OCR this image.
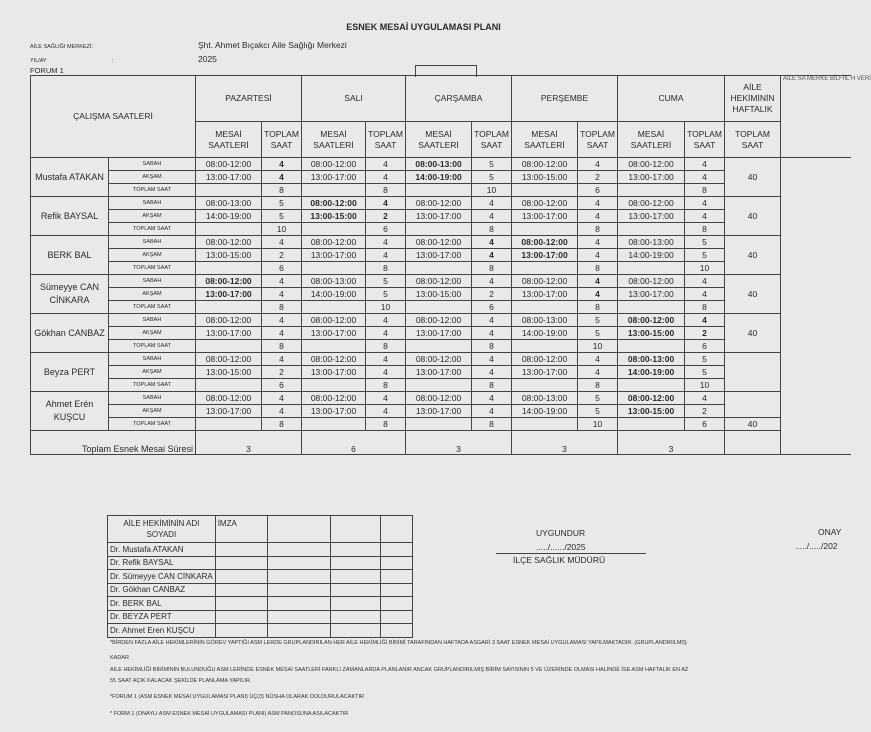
ESNEK MESAİ UYGULAMASI PLANI
AİLE SAĞLIĞI MERKEZİ:	Şht. Ahmet Bıçakcı Aile Sağlığı Merkezi
YIL/AY	:	2025
FORUM 1
ÇALIŞMA SAATLERİ		PAZARTESİ		SALI		ÇARŞAMBA		PERŞEMBE		CUMA		AİLE HEKİMİNİN HAFTALIK	AİLE SA MERKE BİLFİİL H VERİ
		MESAİ SAATLERİ	TOPLAM SAAT	MESAİ SAATLERİ	TOPLAM SAAT	MESAİ SAATLERİ	TOPLAM SAAT	MESAİ SAATLERİ	TOPLAM SAAT	MESAİ SAATLERİ	TOPLAM SAAT	TOPLAM SAAT	
Mustafa ATAKAN	SABAH	08:00-12:00	4	08:00-12:00	4	08:00-13:00	5	08:00-12:00	4	08:00-12:00	4	40	
	AKŞAM	13:00-17:00	4	13:00-17:00	4	14:00-19:00	5	13:00-15:00	2	13:00-17:00	4		
	TOPLAM SAAT		8		8		10		6		8		
Refik BAYSAL	SABAH	08:00-13:00	5	08:00-12:00	4	08:00-12:00	4	08:00-12:00	4	08:00-12:00	4	40	
	AKŞAM	14:00-19:00	5	13:00-15:00	2	13:00-17:00	4	13:00-17:00	4	13:00-17:00	4		
	TOPLAM SAAT		10		6		8		8		8		
BERK BAL	SABAH	08:00-12:00	4	08:00-12:00	4	08:00-12:00	4	08:00-12:00	4	08:00-13:00	5	40	
	AKŞAM	13:00-15:00	2	13:00-17:00	4	13:00-17:00	4	13:00-17:00	4	14:00-19:00	5		
	TOPLAM SAAT		6		8		8		8		10		
Sümeyye CAN CİNKARA	SABAH	08:00-12:00	4	08:00-13:00	5	08:00-12:00	4	08:00-12:00	4	08:00-12:00	4	40	
	AKŞAM	13:00-17:00	4	14:00-19:00	5	13:00-15:00	2	13:00-17:00	4	13:00-17:00	4		
	TOPLAM SAAT		8		10		6		8		8		
Gökhan CANBAZ	SABAH	08:00-12:00	4	08:00-12:00	4	08:00-12:00	4	08:00-13:00	5	08:00-12:00	4	40	
	AKŞAM	13:00-17:00	4	13:00-17:00	4	13:00-17:00	4	14:00-19:00	5	13:00-15:00	2		
	TOPLAM SAAT		8		8		8		10		6		
Beyza PERT	SABAH	08:00-12:00	4	08:00-12:00	4	08:00-12:00	4	08:00-12:00	4	08:00-13:00	5		
	AKŞAM	13:00-15:00	2	13:00-17:00	4	13:00-17:00	4	13:00-17:00	4	14:00-19:00	5		
	TOPLAM SAAT		6		8		8		8		10		
Ahmet Erén KUŞCU	SABAH	08:00-12:00	4	08:00-12:00	4	08:00-12:00	4	08:00-13:00	5	08:00-12:00	4		
	AKŞAM	13:00-17:00	4	13:00-17:00	4	13:00-17:00	4	14:00-19:00	5	13:00-15:00	2		
	TOPLAM SAAT		8		8		8		10		6	40	
Toplam Esnek Mesai Süresi		3		6		3		3		3			
AİLE HEKİMİNİN ADI SOYADI	İMZA			
Dr. Mustafa ATAKAN				
Dr. Refik BAYSAL				
Dr. Sümeyye CAN CİNKARA				
Dr. Gökhan CANBAZ				
Dr. BERK BAL				
Dr. BEYZA PERT				
Dr. Ahmet Eren KUŞCU				
UYGUNDUR
...../....../2025
İLÇE SAĞLIK MÜDÜRÜ
ONAY
...../...../202
*BİRDEN FAZLA AİLE HEKİMLERİNİN GÖREV YAPTIĞI ASM LERDE GRUPLANDIRILAN HER AİLE HEKİMLİĞİ BİRİMİ TARAFINDAN HAFTADA ASGARİ 3 SAAT ESNEK MESAİ UYGULAMASI YAPILMAKTADIR. (GRUPLANDIRILMIŞ
KADAR
AİLE HEKİMLİĞİ BİRİMİNİN BULUNDUĞU ASM LERİNDE ESNEK MESAİ SAATLERİ FARKLI ZAMANLARDA PLANLANIR ANCAK GRUPLANDIRILMIŞ BİRİM SAYISININ 5 VE ÜZERİNDE OLMASI HALİNDE İSE ASM HAFTALIK EN AZ
55 SAAT AÇIK KALACAK ŞEKİLDE PLANLAMA YAPILIR.
*FORUM 1 (ASM ESNEK MESAİ UYGULAMASI PLANI) ÜÇ(3) NÜSHA OLARAK DOLDURULACAKTIR
* FORM 1 (ONAYLI ASM ESNEK MESAİ UYGULAMASI PLANI) ASM PANOSUNA ASILACAKTIR
